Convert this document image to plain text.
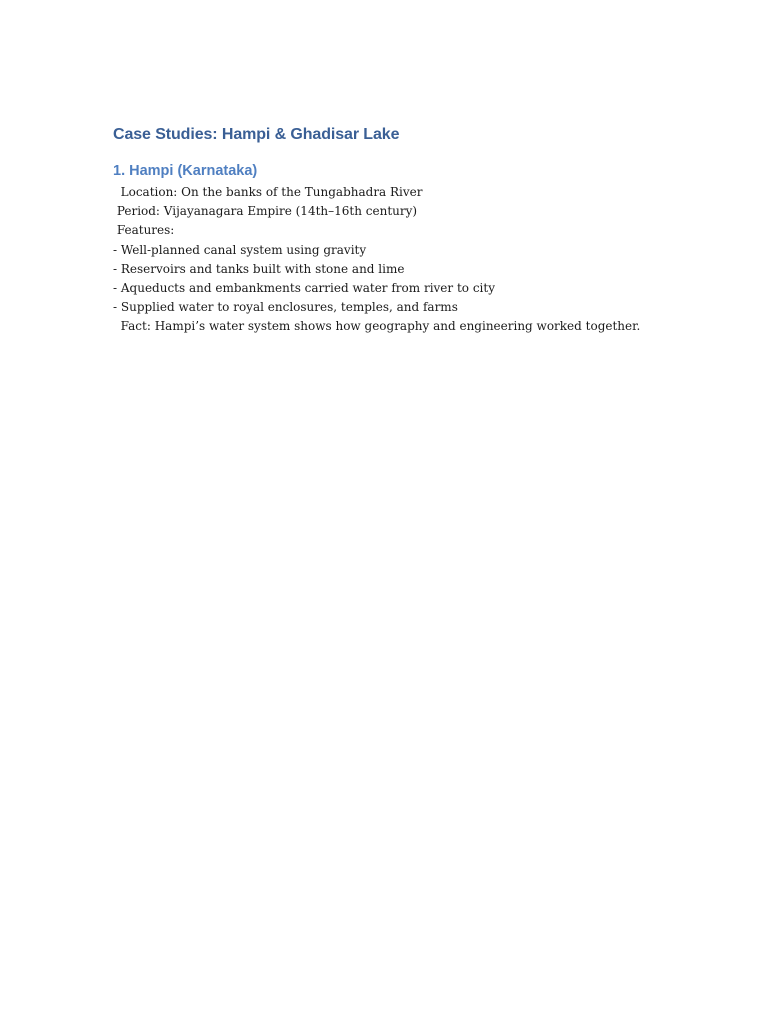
Case Studies: Hampi & Ghadisar Lake
1. Hampi (Karnataka)

Location: On the banks of the Tungabhadra River

Period: Vijayanagara Empire (14th–16th century)

Features:

- Well-planned canal system using gravity

- Reservoirs and tanks built with stone and lime

- Aqueducts and embankments carried water from river to city

- Supplied water to royal enclosures, temples, and farms

Fact: Hampi’s water system shows how geography and engineering worked together.
